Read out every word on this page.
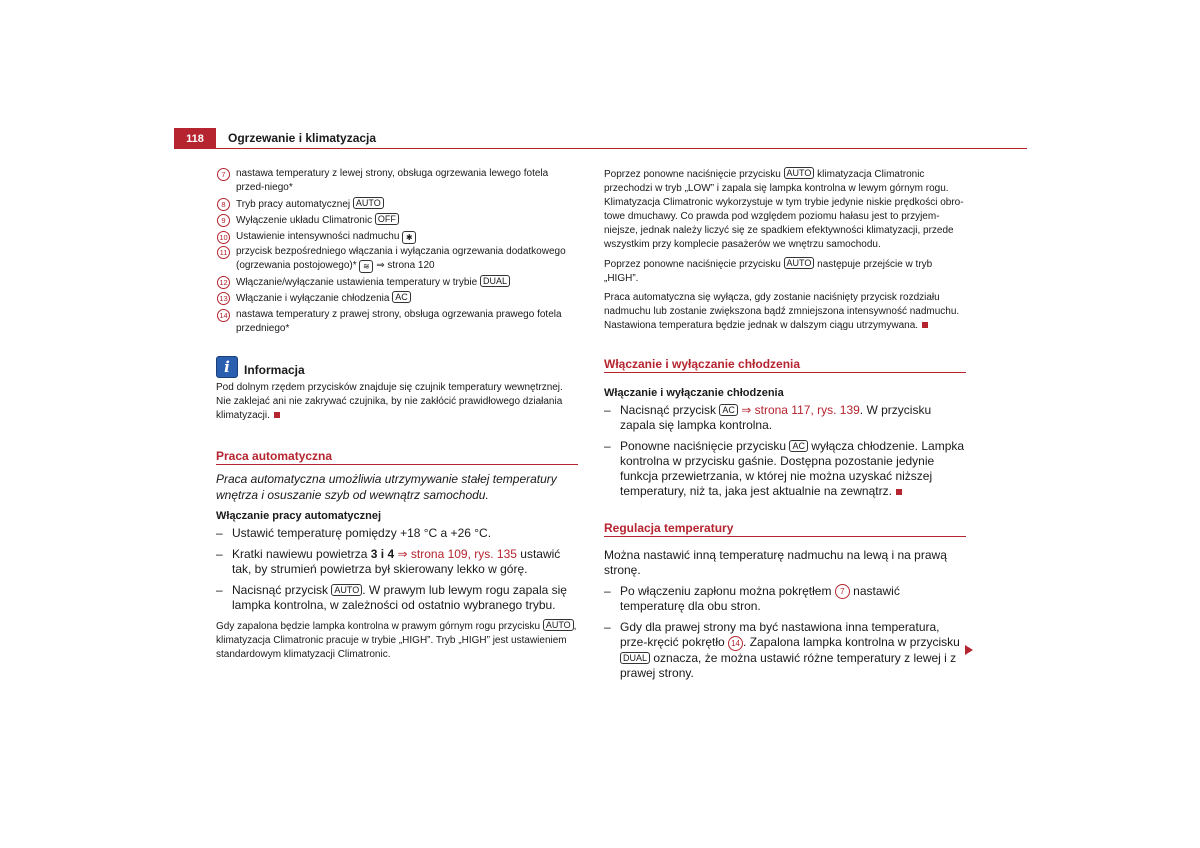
118	Ogrzewanie i klimatyzacja
7	nastawa temperatury z lewej strony, obsługa ogrzewania lewego fotela przed-niego*
8	Tryb pracy automatycznej AUTO
9	Wyłączenie układu Climatronic OFF
10 Ustawienie intensywności nadmuchu ✱
11 przycisk bezpośredniego włączania i wyłączania ogrzewania dodatkowego (ogrzewania postojowego)* ≋ ⇒ strona 120
12 Włączanie/wyłączanie ustawienia temperatury w trybie DUAL
13 Włączanie i wyłączanie chłodzenia AC
14 nastawa temperatury z prawej strony, obsługa ogrzewania prawego fotela przedniego*
i	Informacja

Pod dolnym rzędem przycisków znajduje się czujnik temperatury wewnętrznej. Nie zaklejać ani nie zakrywać czujnika, by nie zakłócić prawidłowego działania klimatyzacji.

Praca automatyczna

Praca automatyczna umożliwia utrzymywanie stałej temperatury wnętrza i osuszanie szyb od wewnątrz samochodu.

Włączanie pracy automatycznej
– Ustawić temperaturę pomiędzy +18 °C a +26 °C.
– Kratki nawiewu powietrza 3 i 4 ⇒ strona 109, rys. 135 ustawić tak, by strumień powietrza był skierowany lekko w górę.
– Nacisnąć przycisk AUTO . W prawym lub lewym rogu zapala się lampka kontrolna, w zależności od ostatnio wybranego trybu.

Gdy zapalona będzie lampka kontrolna w prawym górnym rogu przycisku AUTO , klimatyzacja Climatronic pracuje w trybie „HIGH”. Tryb „HIGH” jest ustawieniem standardowym klimatyzacji Climatronic.

Poprzez ponowne naciśnięcie przycisku AUTO klimatyzacja Climatronic przechodzi w tryb „LOW” i zapala się lampka kontrolna w lewym górnym rogu. Klimatyzacja Climatronic wykorzystuje w tym trybie jedynie niskie prędkości obro-towe dmuchawy. Co prawda pod względem poziomu hałasu jest to przyjem-niejsze, jednak należy liczyć się ze spadkiem efektywności klimatyzacji, przede wszystkim przy komplecie pasażerów we wnętrzu samochodu.

Poprzez ponowne naciśnięcie przycisku AUTO następuje przejście w tryb „HIGH”.

Praca automatyczna się wyłącza, gdy zostanie naciśnięty przycisk rozdziału nadmuchu lub zostanie zwiększona bądź zmniejszona intensywność nadmuchu. Nastawiona temperatura będzie jednak w dalszym ciągu utrzymywana.

Włączanie i wyłączanie chłodzenia
Włączanie i wyłączanie chłodzenia
– Nacisnąć przycisk AC ⇒ strona 117, rys. 139. W przycisku zapala się lampka kontrolna.
– Ponowne naciśnięcie przycisku AC wyłącza chłodzenie. Lampka kontrolna w przycisku gaśnie. Dostępna pozostanie jedynie funkcja przewietrzania, w której nie można uzyskać niższej temperatury, niż ta, jaka jest aktualnie na zewnątrz.
Regulacja temperatury

Można nastawić inną temperaturę nadmuchu na lewą i na prawą stronę.

– Po włączeniu zapłonu można pokrętłem 7 nastawić temperaturę dla obu stron.
– Gdy dla prawej strony ma być nastawiona inna temperatura, prze-kręcić pokrętło 14 . Zapalona lampka kontrolna w przycisku DUAL oznacza, że można ustawić różne temperatury z lewej i z prawej strony.
